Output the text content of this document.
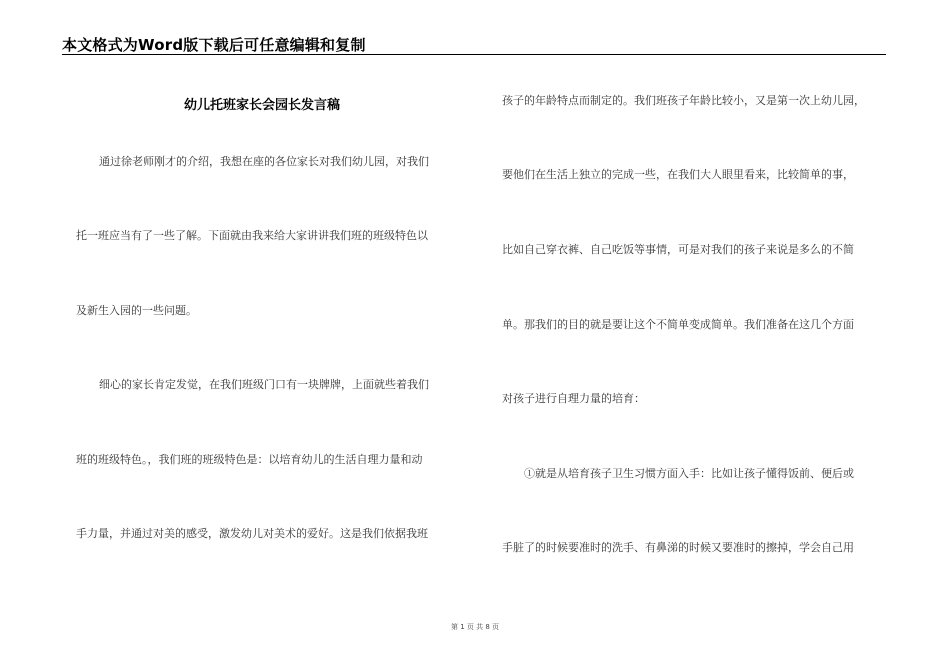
本文格式为Word版下载后可任意编辑和复制
幼儿托班家长会园长发言稿
通过徐老师刚才的介绍，我想在座的各位家长对我们幼儿园，对我们
托一班应当有了一些了解。下面就由我来给大家讲讲我们班的班级特色以
及新生入园的一些问题。
细心的家长肯定发觉，在我们班级门口有一块牌牌，上面就些着我们
班的班级特色。，我们班的班级特色是：以培育幼儿的生活自理力量和动
手力量，并通过对美的感受，激发幼儿对美术的爱好。这是我们依据我班
孩子的年龄特点而制定的。我们班孩子年龄比较小，又是第一次上幼儿园，
要他们在生活上独立的完成一些，在我们大人眼里看来，比较简单的事，
比如自己穿衣裤、自己吃饭等事情，可是对我们的孩子来说是多么的不简
单。那我们的目的就是要让这个不简单变成简单。我们准备在这几个方面
对孩子进行自理力量的培育：
①就是从培育孩子卫生习惯方面入手：比如让孩子懂得饭前、便后或
手脏了的时候要准时的洗手、有鼻涕的时候又要准时的擦掉，学会自己用
第 1 页 共 8 页
